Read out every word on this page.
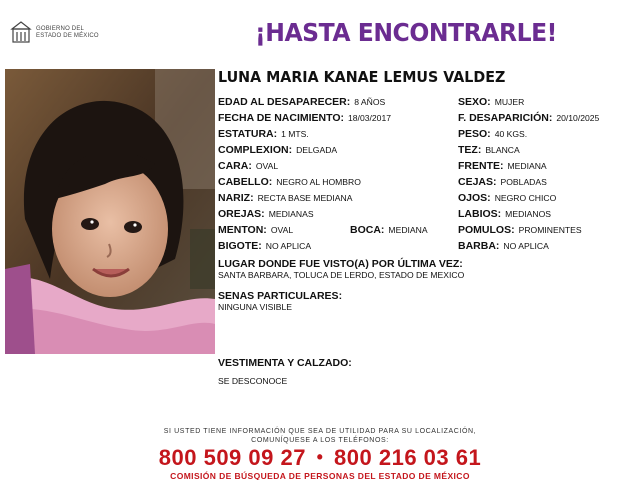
GOBIERNO DEL
ESTADO DE MÉXICO	¡HASTA ENCONTRARLE!
LUNA MARIA KANAE LEMUS VALDEZ
EDAD AL DESAPARECER: 8 AÑOS
FECHA DE NACIMIENTO: 18/03/2017
ESTATURA: 1 MTS.
COMPLEXION: DELGADA
CARA: OVAL
CABELLO: NEGRO AL HOMBRO
NARIZ: RECTA BASE MEDIANA
OREJAS: MEDIANAS
MENTON: OVAL	BOCA: MEDIANA
BIGOTE: NO APLICA
SEXO: MUJER
F. DESAPARICIÓN: 20/10/2025
PESO: 40 KGS.
TEZ: BLANCA
FRENTE: MEDIANA
CEJAS: POBLADAS
OJOS: NEGRO CHICO
LABIOS: MEDIANOS
POMULOS: PROMINENTES
BARBA: NO APLICA
LUGAR DONDE FUE VISTO(A) POR ÚLTIMA VEZ:
SANTA BARBARA, TOLUCA DE LERDO, ESTADO DE MEXICO
SENAS PARTICULARES:
NINGUNA VISIBLE
VESTIMENTA Y CALZADO:
SE DESCONOCE
SI USTED TIENE INFORMACIÓN QUE SEA DE UTILIDAD PARA SU LOCALIZACIÓN,
COMUNÍQUESE A LOS TELÉFONOS:
800 509 09 27 • 800 216 03 61
COMISIÓN DE BÚSQUEDA DE PERSONAS DEL ESTADO DE MÉXICO
